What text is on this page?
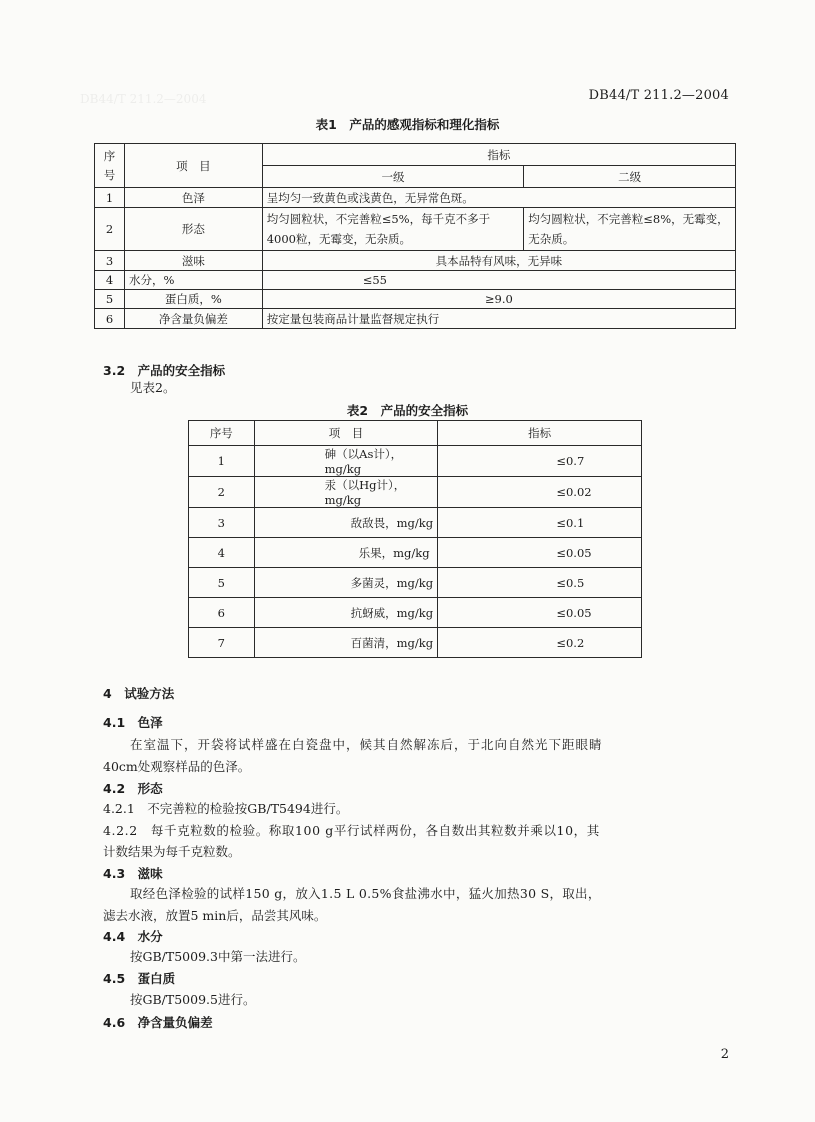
DB44/T 211.2—2004	DB44/T 211.2—2004
表1　产品的感观指标和理化指标
序
号	项　目	指标	
		一级	二级
1	色泽	呈均匀一致黄色或浅黄色，无异常色斑。	
2	形态	均匀圆粒状，不完善粒≤5%，每千克不多于4000粒，无霉变，无杂质。	均匀圆粒状，不完善粒≤8%，无霉变，无杂质。
3	滋味	具本品特有风味，无异味	
4	水分，%	≤55	
5	蛋白质，%	≥9.0	
6	净含量负偏差	按定量包装商品计量监督规定执行	
3.2　产品的安全指标
见表2。
表2　产品的安全指标
序号	项　目	指标
1	砷（以As计），mg/kg	≤0.7
2	汞（以Hg计），mg/kg	≤0.02
3	敌敌畏，mg/kg	≤0.1
4	乐果，mg/kg	≤0.05
5	多菌灵，mg/kg	≤0.5
6	抗蚜威，mg/kg	≤0.05
7	百菌清，mg/kg	≤0.2
4　试验方法
4.1　色泽
在室温下，开袋将试样盛在白瓷盘中，候其自然解冻后，于北向自然光下距眼睛
40cm处观察样品的色泽。
4.2　形态
4.2.1　不完善粒的检验按GB/T5494进行。
4.2.2　每千克粒数的检验。称取100 g平行试样两份，各自数出其粒数并乘以10，其
计数结果为每千克粒数。
4.3　滋味
取经色泽检验的试样150 g，放入1.5 L 0.5%食盐沸水中，猛火加热30 S，取出，
滤去水液，放置5 min后，品尝其风味。
4.4　水分
按GB/T5009.3中第一法进行。
4.5　蛋白质
按GB/T5009.5进行。
4.6　净含量负偏差
2
